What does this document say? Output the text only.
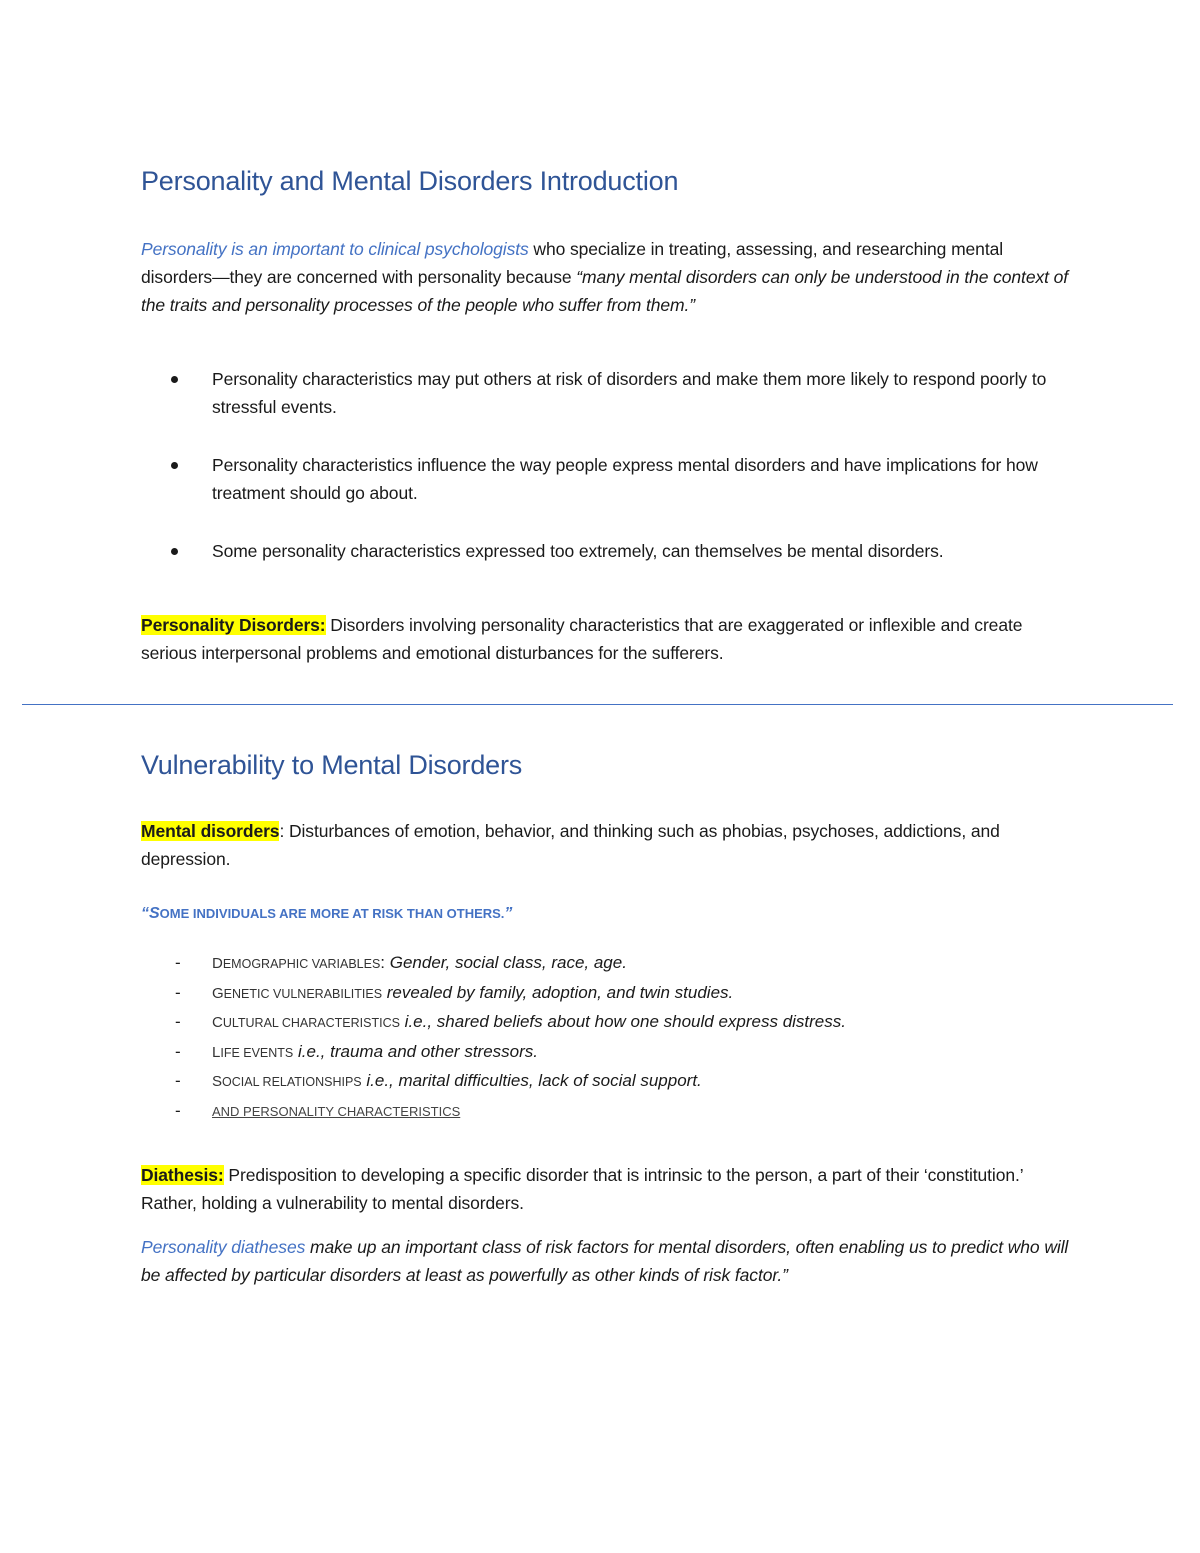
Personality and Mental Disorders Introduction
Personality is an important to clinical psychologists who specialize in treating, assessing, and researching mental disorders—they are concerned with personality because “many mental disorders can only be understood in the context of the traits and personality processes of the people who suffer from them.”
Personality characteristics may put others at risk of disorders and make them more likely to respond poorly to stressful events.
Personality characteristics influence the way people express mental disorders and have implications for how treatment should go about.
Some personality characteristics expressed too extremely, can themselves be mental disorders.
Personality Disorders: Disorders involving personality characteristics that are exaggerated or inflexible and create serious interpersonal problems and emotional disturbances for the sufferers.
Vulnerability to Mental Disorders
Mental disorders: Disturbances of emotion, behavior, and thinking such as phobias, psychoses, addictions, and depression.
“SOME INDIVIDUALS ARE MORE AT RISK THAN OTHERS.”
- DEMOGRAPHIC VARIABLES: Gender, social class, race, age.
- GENETIC VULNERABILITIES revealed by family, adoption, and twin studies.
- CULTURAL CHARACTERISTICS i.e., shared beliefs about how one should express distress.
- LIFE EVENTS i.e., trauma and other stressors.
- SOCIAL RELATIONSHIPS i.e., marital difficulties, lack of social support.
- AND PERSONALITY CHARACTERISTICS
Diathesis: Predisposition to developing a specific disorder that is intrinsic to the person, a part of their ‘constitution.’ Rather, holding a vulnerability to mental disorders.
Personality diatheses make up an important class of risk factors for mental disorders, often enabling us to predict who will be affected by particular disorders at least as powerfully as other kinds of risk factor.”
